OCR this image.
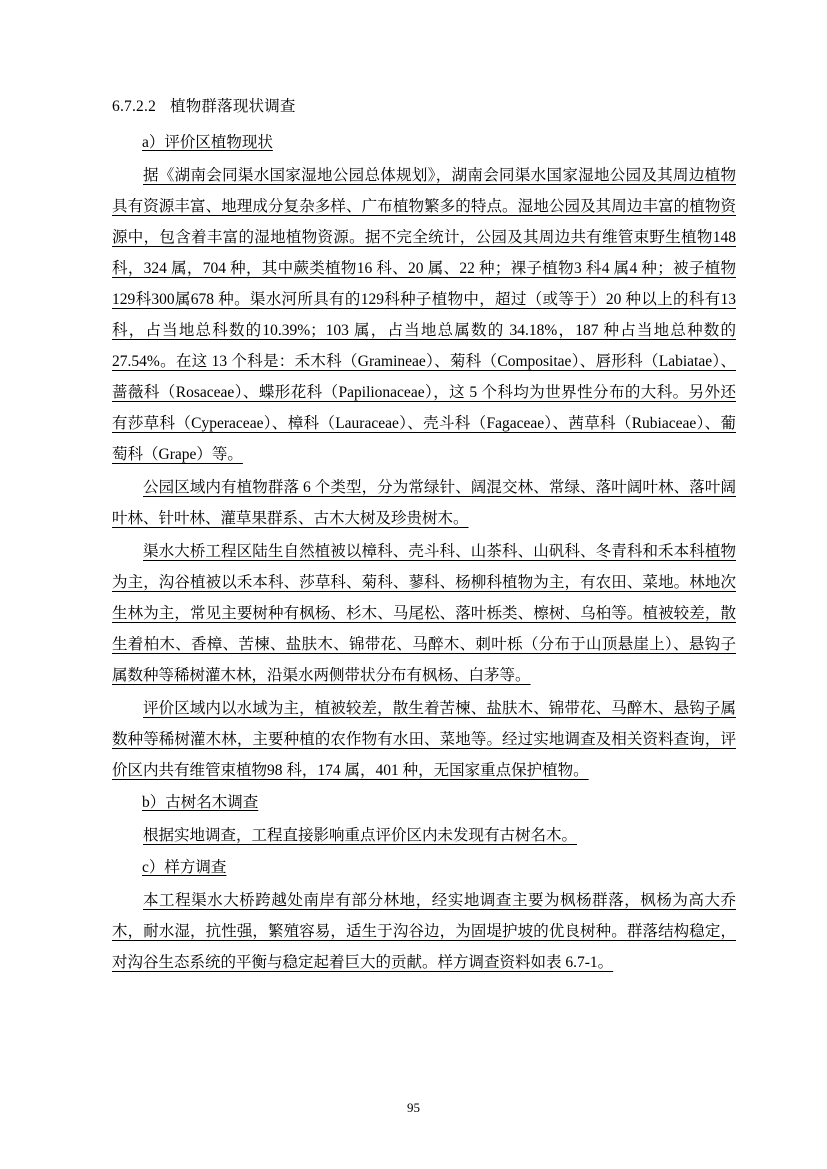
6.7.2.2 植物群落现状调查
a）评价区植物现状

据《湖南会同渠水国家湿地公园总体规划》，湖南会同渠水国家湿地公园及其周边植物具有资源丰富、地理成分复杂多样、广布植物繁多的特点。湿地公园及其周边丰富的植物资源中，包含着丰富的湿地植物资源。据不完全统计，公园及其周边共有维管束野生植物148 科，324 属，704 种，其中蕨类植物16 科、20 属、22 种；裸子植物3 科4 属4 种；被子植物129科300属678 种。渠水河所具有的129科种子植物中，超过（或等于）20 种以上的科有13 科，占当地总科数的10.39%；103 属，占当地总属数的 34.18%，187 种占当地总种数的 27.54%。在这 13 个科是：禾木科（Gramineae）、菊科（Compositae）、唇形科（Labiatae）、蔷薇科（Rosaceae）、蝶形花科（Papilionaceae），这 5 个科均为世界性分布的大科。另外还有莎草科（Cyperaceae）、樟科（Lauraceae）、壳斗科（Fagaceae）、茜草科（Rubiaceae）、葡萄科（Grape）等。

公园区域内有植物群落 6 个类型，分为常绿针、阔混交林、常绿、落叶阔叶林、落叶阔叶林、针叶林、灌草果群系、古木大树及珍贵树木。

渠水大桥工程区陆生自然植被以樟科、壳斗科、山茶科、山矾科、冬青科和禾本科植物为主，沟谷植被以禾本科、莎草科、菊科、蓼科、杨柳科植物为主，有农田、菜地。林地次生林为主，常见主要树种有枫杨、杉木、马尾松、落叶栎类、檫树、乌桕等。植被较差，散生着柏木、香樟、苦楝、盐肤木、锦带花、马醉木、刺叶栎（分布于山顶悬崖上）、悬钩子属数种等稀树灌木林，沿渠水两侧带状分布有枫杨、白茅等。

评价区域内以水域为主，植被较差，散生着苦楝、盐肤木、锦带花、马醉木、悬钩子属数种等稀树灌木林，主要种植的农作物有水田、菜地等。经过实地调查及相关资料查询，评价区内共有维管束植物98 科，174 属，401 种，无国家重点保护植物。

b）古树名木调查

根据实地调查，工程直接影响重点评价区内未发现有古树名木。

c）样方调查

本工程渠水大桥跨越处南岸有部分林地，经实地调查主要为枫杨群落，枫杨为高大乔木，耐水湿，抗性强，繁殖容易，适生于沟谷边，为固堤护坡的优良树种。群落结构稳定，对沟谷生态系统的平衡与稳定起着巨大的贡献。样方调查资料如表 6.7-1。

95
